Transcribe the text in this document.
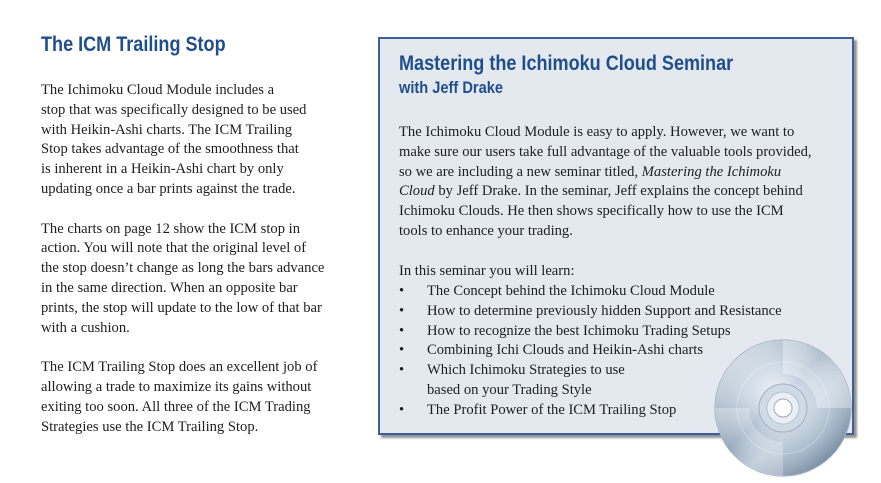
The ICM Trailing Stop

The Ichimoku Cloud Module includes a
stop that was specifically designed to be used
with Heikin-Ashi charts. The ICM Trailing
Stop takes advantage of the smoothness that
is inherent in a Heikin-Ashi chart by only
updating once a bar prints against the trade.

The charts on page 12 show the ICM stop in
action. You will note that the original level of
the stop doesn’t change as long the bars advance
in the same direction. When an opposite bar
prints, the stop will update to the low of that bar
with a cushion.

The ICM Trailing Stop does an excellent job of
allowing a trade to maximize its gains without
exiting too soon. All three of the ICM Trading
Strategies use the ICM Trailing Stop.

Mastering the Ichimoku Cloud Seminar
with Jeff Drake

The Ichimoku Cloud Module is easy to apply. However, we want to
make sure our users take full advantage of the valuable tools provided,
so we are including a new seminar titled, Mastering the Ichimoku
Cloud by Jeff Drake. In the seminar, Jeff explains the concept behind
Ichimoku Clouds. He then shows specifically how to use the ICM
tools to enhance your trading.

In this seminar you will learn:

• The Concept behind the Ichimoku Cloud Module
• How to determine previously hidden Support and Resistance
• How to recognize the best Ichimoku Trading Setups
• Combining Ichi Clouds and Heikin-Ashi charts
• Which Ichimoku Strategies to use
based on your Trading Style
• The Profit Power of the ICM Trailing Stop
